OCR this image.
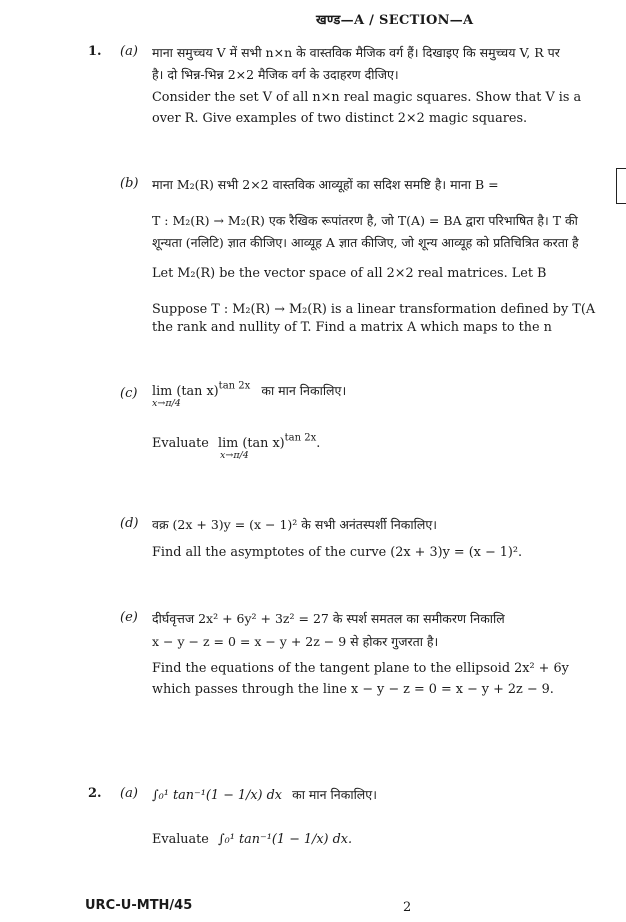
खण्ड—A / SECTION—A
1. (a) माना समुच्चय V में सभी n×n के वास्तविक मैजिक वर्ग हैं। दिखाइए कि समुच्चय V, R पर
है। दो भिन्न-भिन्न 2×2 मैजिक वर्ग के उदाहरण दीजिए।
Consider the set V of all n×n real magic squares. Show that V is a
over R. Give examples of two distinct 2×2 magic squares.
(b) माना M₂(R) सभी 2×2 वास्तविक आव्यूहों का सदिश समष्टि है। माना B =
T : M₂(R) → M₂(R) एक रैखिक रूपांतरण है, जो T(A) = BA द्वारा परिभाषित है। T की
शून्यता (नलिटि) ज्ञात कीजिए। आव्यूह A ज्ञात कीजिए, जो शून्य आव्यूह को प्रतिचित्रित करता है
Let M₂(R) be the vector space of all 2×2 real matrices. Let B
Suppose T : M₂(R) → M₂(R) is a linear transformation defined by T(A
the rank and nullity of T. Find a matrix A which maps to the n
(c) lim (tan x)$^{tan 2x}$ का मान निकालिए।
x→π/4
Evaluate lim (tan x)$^{tan 2x}$.
x→π/4
(d) वक्र (2x + 3)y = (x − 1)² के सभी अनंतस्पर्शी निकालिए।
Find all the asymptotes of the curve (2x + 3)y = (x − 1)².
(e) दीर्घवृत्तज 2x² + 6y² + 3z² = 27 के स्पर्श समतल का समीकरण निकालि
x − y − z = 0 = x − y + 2z − 9 से होकर गुजरता है।
Find the equations of the tangent plane to the ellipsoid 2x² + 6y
which passes through the line x − y − z = 0 = x − y + 2z − 9.
2. (a) ∫₀¹ tan⁻¹(1 − 1/x) dx का मान निकालिए।
Evaluate ∫₀¹ tan⁻¹(1 − 1/x) dx.
URC-U-MTH/45	2
